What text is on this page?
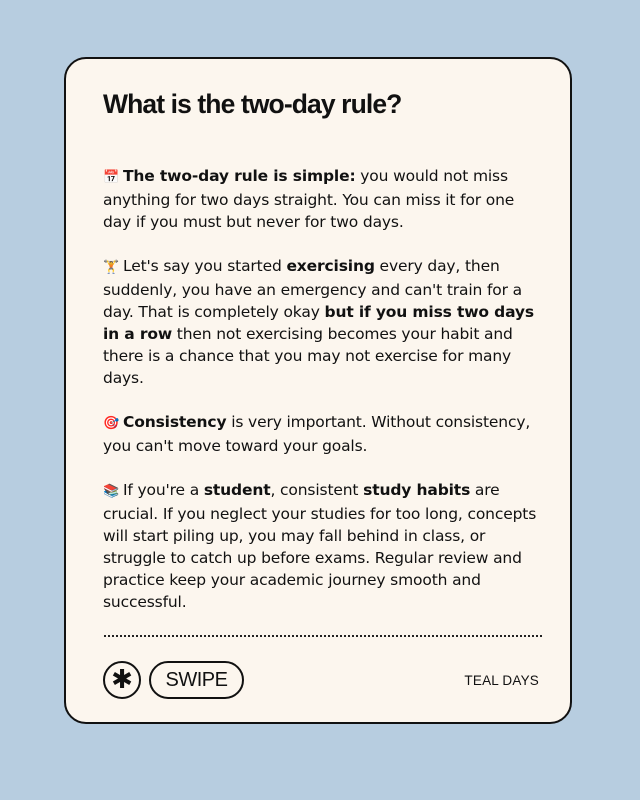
What is the two-day rule?

📅 The two-day rule is simple: you would not miss anything for two days straight. You can miss it for one day if you must but never for two days.

🏋 Let's say you started exercising every day, then suddenly, you have an emergency and can't train for a day. That is completely okay but if you miss two days in a row then not exercising becomes your habit and there is a chance that you may not exercise for many days.

🎯 Consistency is very important. Without consistency, you can't move toward your goals.

📚 If you're a student, consistent study habits are crucial. If you neglect your studies for too long, concepts will start piling up, you may fall behind in class, or struggle to catch up before exams. Regular review and practice keep your academic journey smooth and successful.

✱	SWIPE	TEAL DAYS
